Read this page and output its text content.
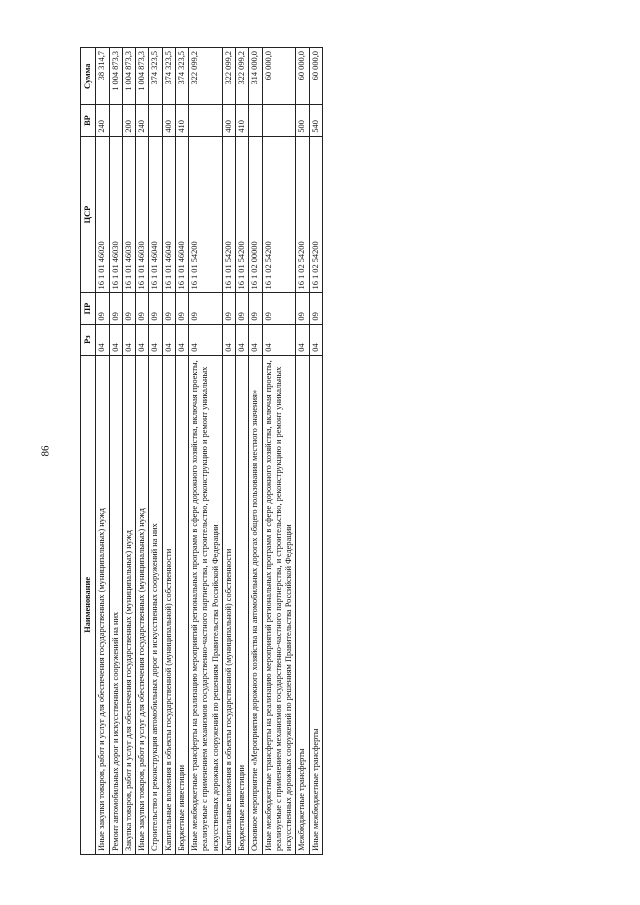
86
Наименование	Рз	ПР	ЦСР	ВР	Сумма
Иные закупки товаров, работ и услуг для обеспечения государственных (муниципальных) нужд	04	09	16 1 01 46020	240	38 314,7
Ремонт автомобильных дорог и искусственных сооружений на них	04	09	16 1 01 46030		1 004 873,3
Закупка товаров, работ и услуг для обеспечения государственных (муниципальных) нужд	04	09	16 1 01 46030	200	1 004 873,3
Иные закупки товаров, работ и услуг для обеспечения государственных (муниципальных) нужд	04	09	16 1 01 46030	240	1 004 873,3
Строительство и реконструкция автомобильных дорог и искусственных сооружений на них	04	09	16 1 01 46040		374 323,5
Капитальные вложения в объекты государственной (муниципальной) собственности	04	09	16 1 01 46040	400	374 323,5
Бюджетные инвестиции	04	09	16 1 01 46040	410	374 323,5
Иные межбюджетные трансферты на реализацию мероприятий региональных программ в сфере дорожного хозяйства, включая проекты, реализуемые с применением механизмов государственно-частного партнерства, и строительство, реконструкцию и ремонт уникальных искусственных дорожных сооружений по решениям Правительства Российской Федерации	04	09	16 1 01 54200		322 099,2
Капитальные вложения в объекты государственной (муниципальной) собственности	04	09	16 1 01 54200	400	322 099,2
Бюджетные инвестиции	04	09	16 1 01 54200	410	322 099,2
Основное мероприятие «Мероприятия дорожного хозяйства на автомобильных дорогах общего пользования местного значения»	04	09	16 1 02 00000		314 000,0
Иные межбюджетные трансферты на реализацию мероприятий региональных программ в сфере дорожного хозяйства, включая проекты, реализуемые с применением механизмов государственно-частного партнерства, и строительство, реконструкцию и ремонт уникальных искусственных дорожных сооружений по решениям Правительства Российской Федерации	04	09	16 1 02 54200		60 000,0
Межбюджетные трансферты	04	09	16 1 02 54200	500	60 000,0
Иные межбюджетные трансферты	04	09	16 1 02 54200	540	60 000,0
